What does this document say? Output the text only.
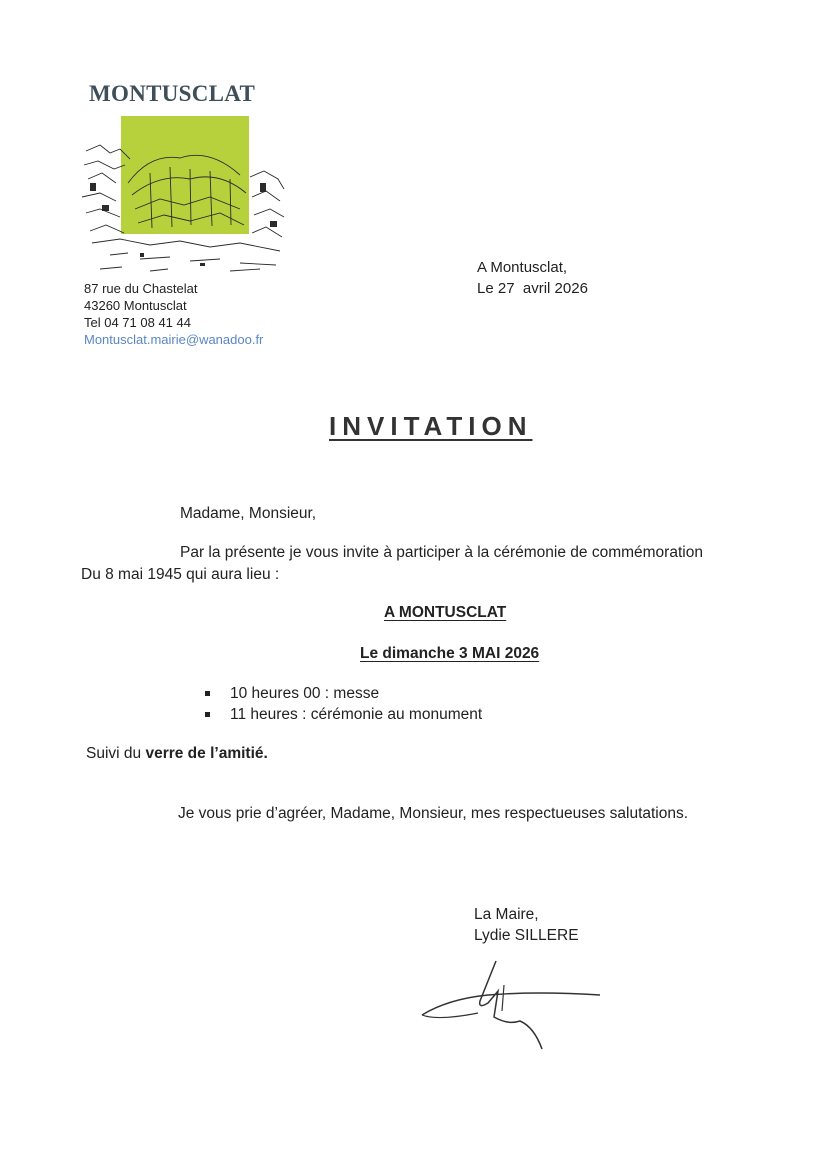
MONTUSCLAT
87 rue du Chastelat
43260 Montusclat
Tel 04 71 08 41 44
Montusclat.mairie@wanadoo.fr
A Montusclat,
Le 27  avril 2026
INVITATION
Madame, Monsieur,
Par la présente je vous invite à participer à la cérémonie de commémoration
Du 8 mai 1945 qui aura lieu :
A MONTUSCLAT
Le dimanche 3 MAI 2026
10 heures 00 : messe
11 heures : cérémonie au monument
Suivi du verre de l’amitié.
Je vous prie d’agréer, Madame, Monsieur, mes respectueuses salutations.
La Maire,
Lydie SILLERE
